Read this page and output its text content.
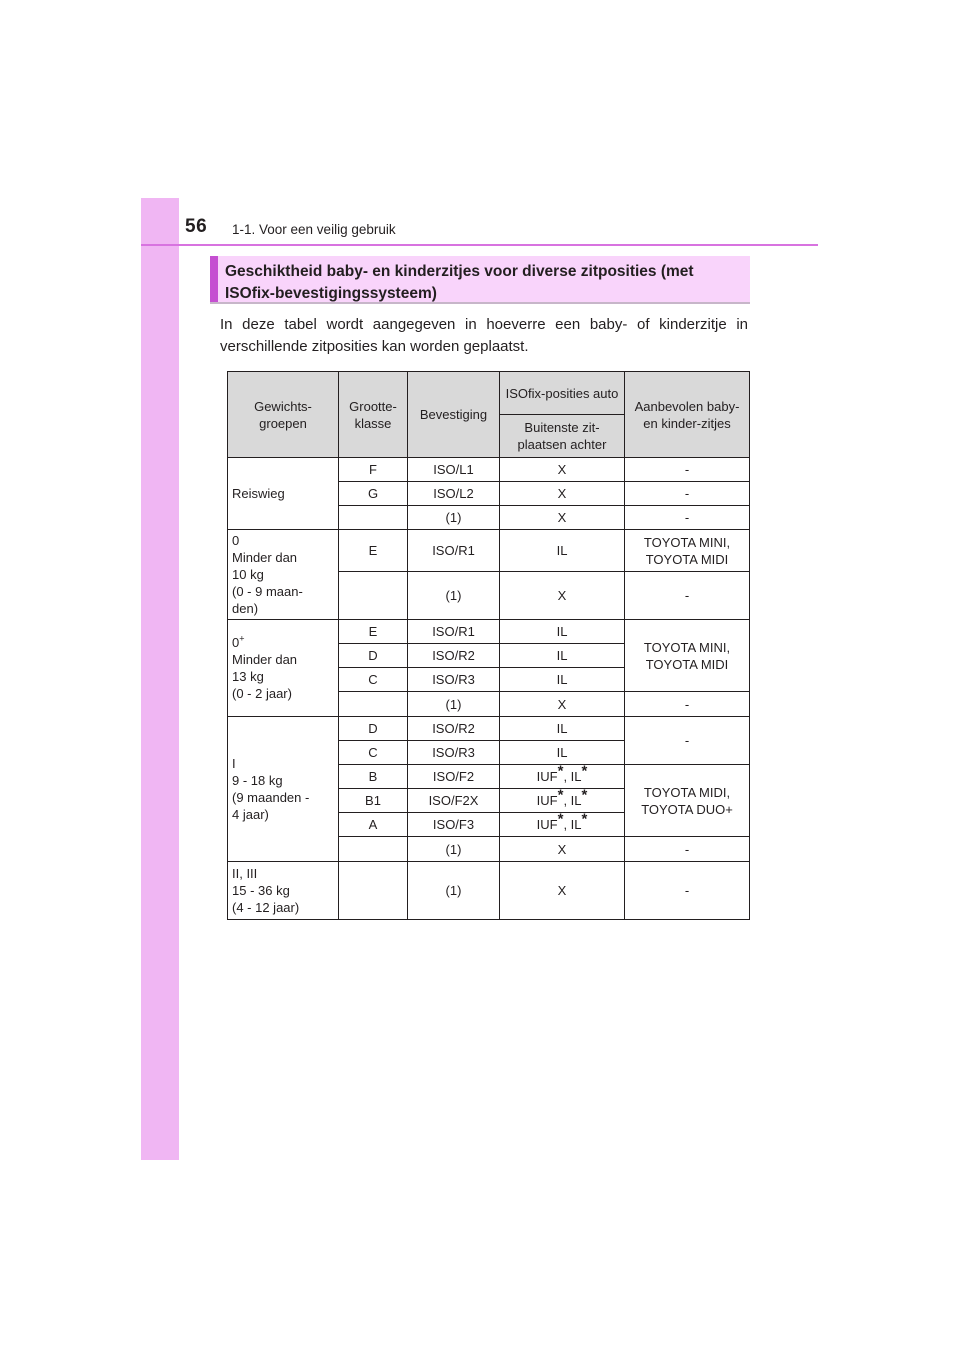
56 1-1. Voor een veilig gebruik

Geschiktheid baby- en kinderzitjes voor diverse zitposities (met ISOfix-bevestigingssysteem)

In deze tabel wordt aangegeven in hoeverre een baby- of kinderzitje in verschillende zitposities kan worden geplaatst.

Gewichts-groepen	Grootte-klasse	Bevestiging	ISOfix-posities auto	Aanbevolen baby- en kinder-zitjes
			Buitenste zit-plaatsen achter	
Reiswieg	F	ISO/L1	X	-
	G	ISO/L2	X	-
		(1)	X	-
0
Minder dan
10 kg
(0 - 9 maan-
den)	E	ISO/R1	IL	TOYOTA MINI, TOYOTA MIDI
		(1)	X	-
0+
Minder dan
13 kg
(0 - 2 jaar)	E	ISO/R1	IL	TOYOTA MINI, TOYOTA MIDI
	D	ISO/R2	IL	
	C	ISO/R3	IL	
		(1)	X	-
I
9 - 18 kg
(9 maanden -
4 jaar)	D	ISO/R2	IL	-
	C	ISO/R3	IL	
	B	ISO/F2	IUF*, IL*	TOYOTA MIDI, TOYOTA DUO+
	B1	ISO/F2X	IUF*, IL*	
	A	ISO/F3	IUF*, IL*	
		(1)	X	-
II, III
15 - 36 kg
(4 - 12 jaar)		(1)	X	-
